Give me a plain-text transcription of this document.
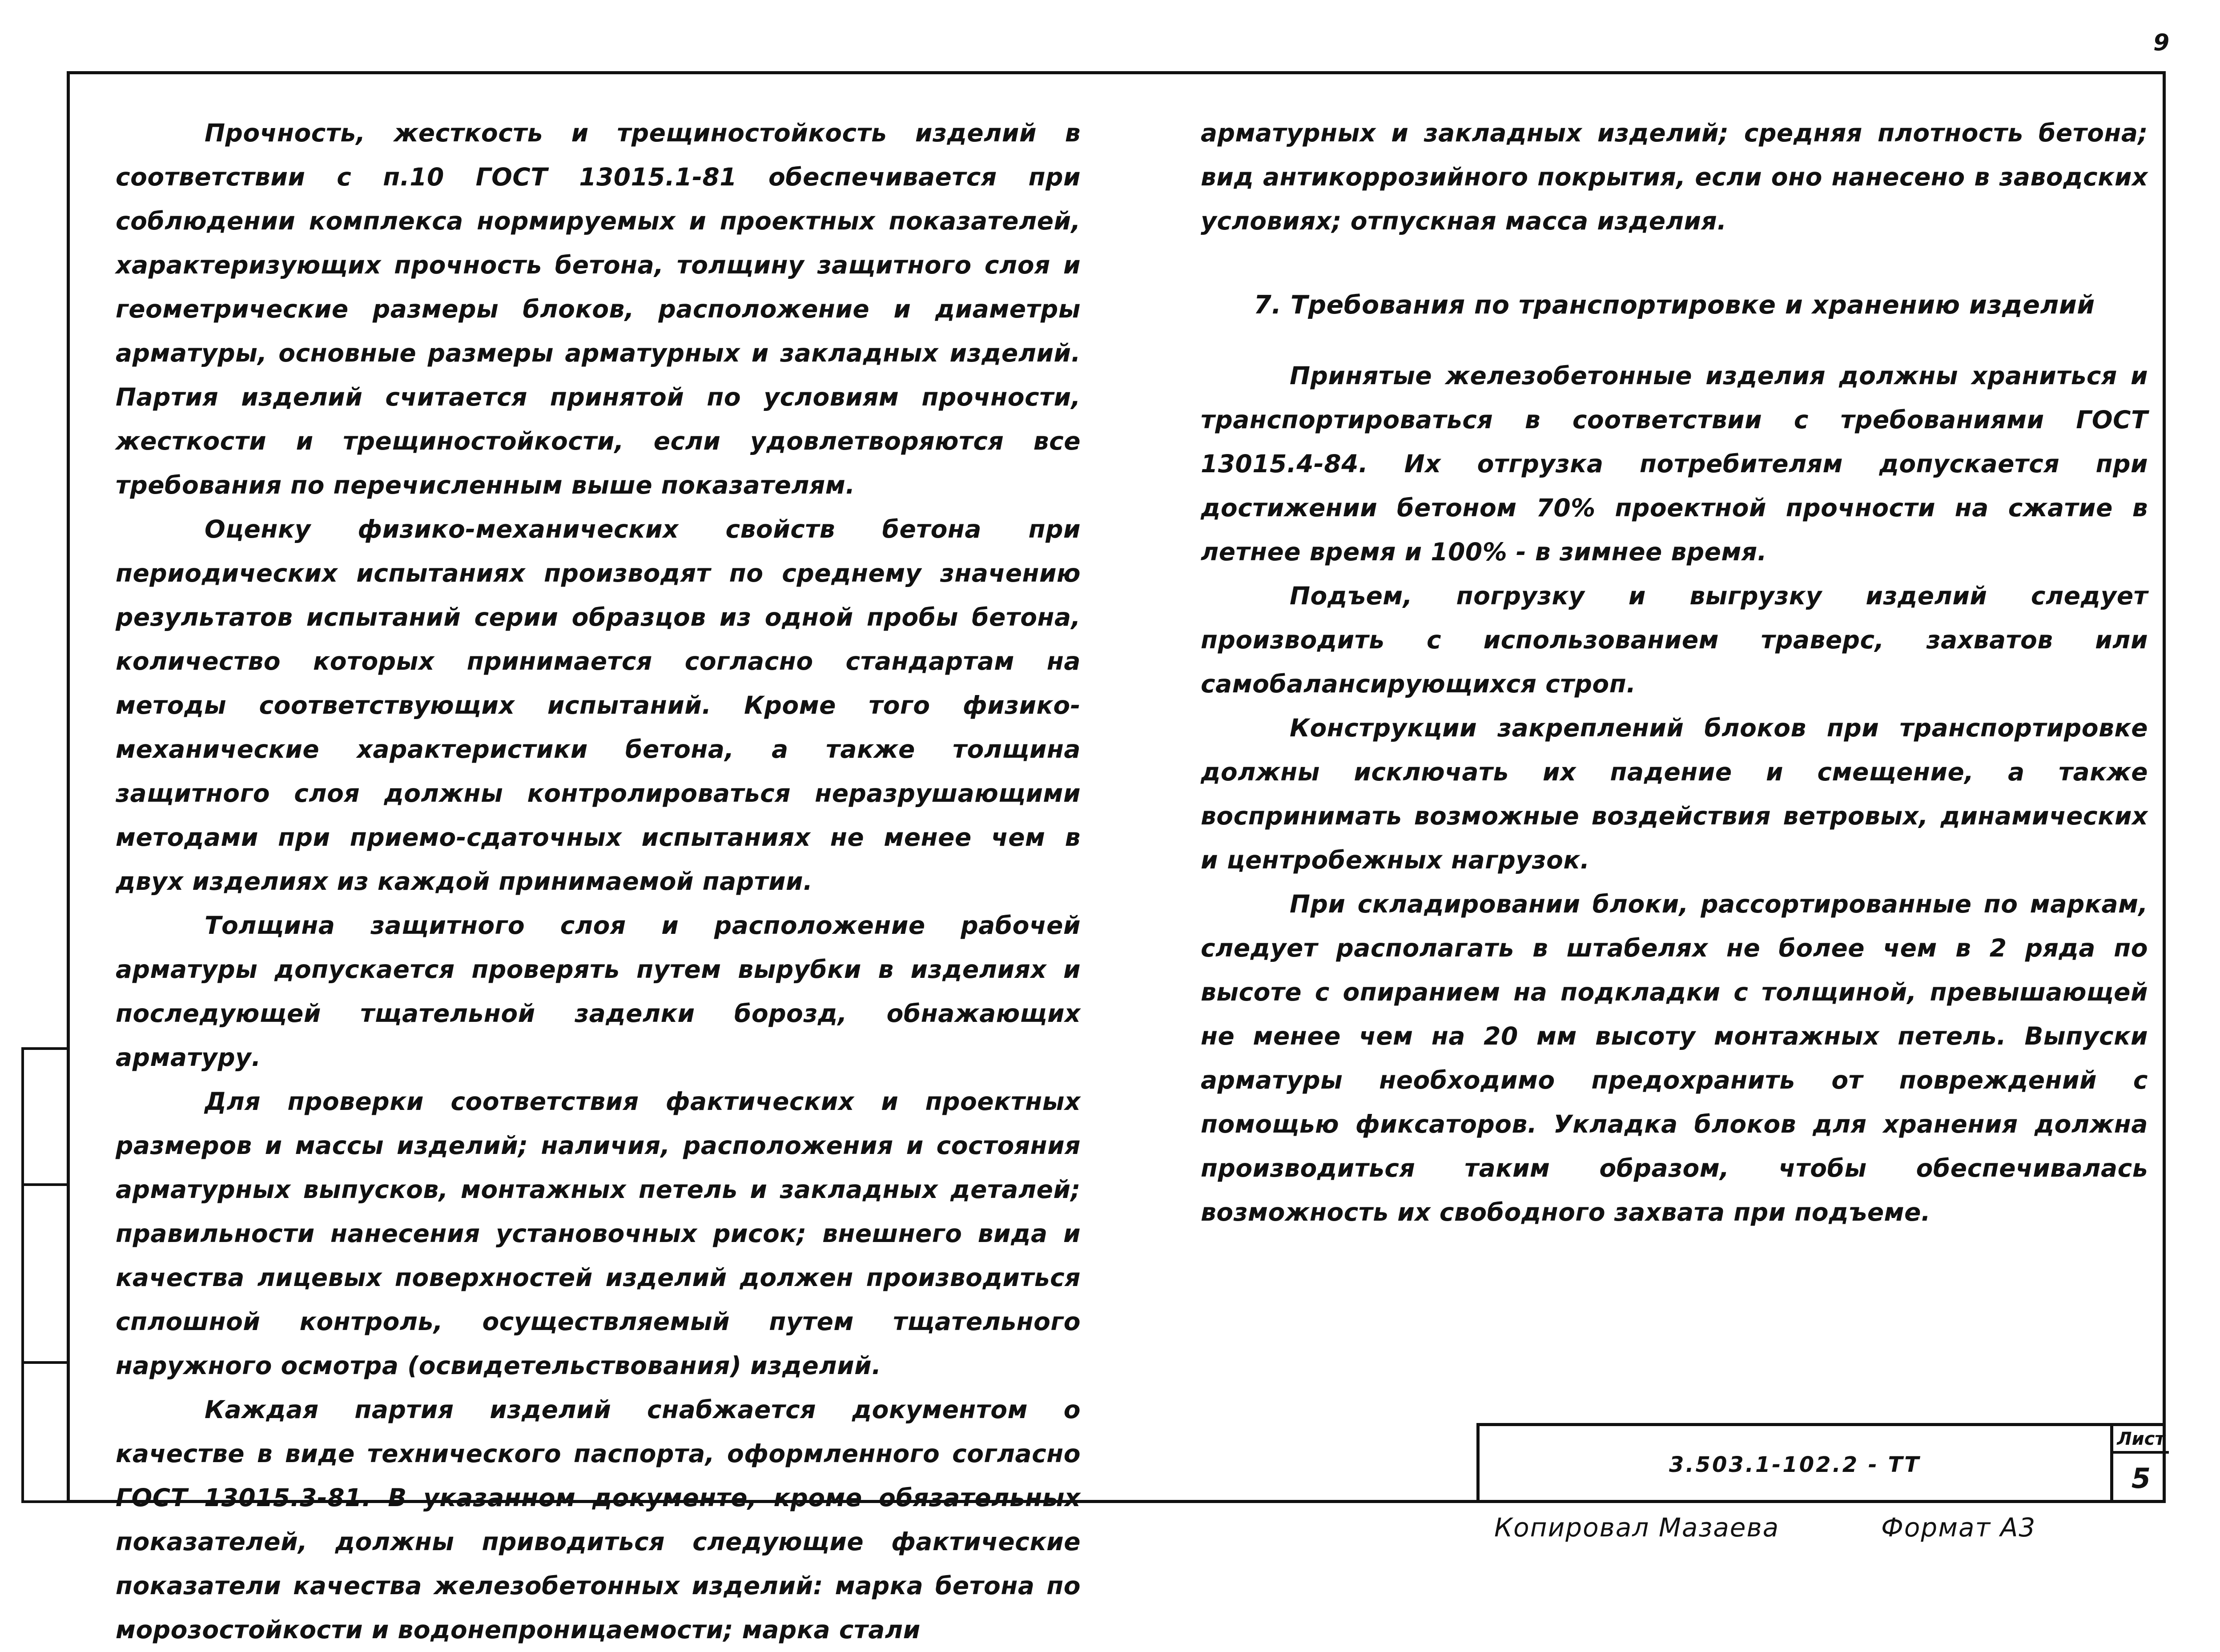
9

Прочность, жесткость и трещиностойкость изделий в соответствии с п.10 ГОСТ 13015.1-81 обеспечивается при соблюдении комплекса нормируемых и проектных показателей, характеризующих прочность бетона, толщину защитного слоя и геометрические размеры блоков, расположение и диаметры арматуры, основные размеры арматурных и закладных изделий. Партия изделий считается принятой по условиям прочности, жесткости и трещиностойкости, если удовлетворяются все требования по перечисленным выше показателям.

Оценку физико-механических свойств бетона при периодических испытаниях производят по среднему значению результатов испытаний серии образцов из одной пробы бетона, количество которых принимается согласно стандартам на методы соответствующих испытаний. Кроме того физико-механические характеристики бетона, а также толщина защитного слоя должны контролироваться неразрушающими методами при приемо-сдаточных испытаниях не менее чем в двух изделиях из каждой принимаемой партии.

Толщина защитного слоя и расположение рабочей арматуры допускается проверять путем вырубки в изделиях и последующей тщательной заделки борозд, обнажающих арматуру.

Для проверки соответствия фактических и проектных размеров и массы изделий; наличия, расположения и состояния арматурных выпусков, монтажных петель и закладных деталей; правильности нанесения установочных рисок; внешнего вида и качества лицевых поверхностей изделий должен производиться сплошной контроль, осуществляемый путем тщательного наружного осмотра (освидетельствования) изделий.

Каждая партия изделий снабжается документом о качестве в виде технического паспорта, оформленного согласно ГОСТ 13015.3-81. В указанном документе, кроме обязательных показателей, должны приводиться следующие фактические показатели качества железобетонных изделий: марка бетона по морозостойкости и водонепроницаемости; марка стали

арматурных и закладных изделий; средняя плотность бетона; вид антикоррозийного покрытия, если оно нанесено в заводских условиях; отпускная масса изделия.

7. Требования по транспортировке и хранению изделий

Принятые железобетонные изделия должны храниться и транспортироваться в соответствии с требованиями ГОСТ 13015.4-84. Их отгрузка потребителям допускается при достижении бетоном 70% проектной прочности на сжатие в летнее время и 100% - в зимнее время.

Подъем, погрузку и выгрузку изделий следует производить с использованием траверс, захватов или самобалансирующихся строп.

Конструкции закреплений блоков при транспортировке должны исключать их падение и смещение, а также воспринимать возможные воздействия ветровых, динамических и центробежных нагрузок.

При складировании блоки, рассортированные по маркам, следует располагать в штабелях не более чем в 2 ряда по высоте с опиранием на подкладки с толщиной, превышающей не менее чем на 20 мм высоту монтажных петель. Выпуски арматуры необходимо предохранить от повреждений с помощью фиксаторов. Укладка блоков для хранения должна производиться таким образом, чтобы обеспечивалась возможность их свободного захвата при подъеме.

3.503.1-102.2 - ТТ
Лист
5
Копировал Мазаева	Формат А3
